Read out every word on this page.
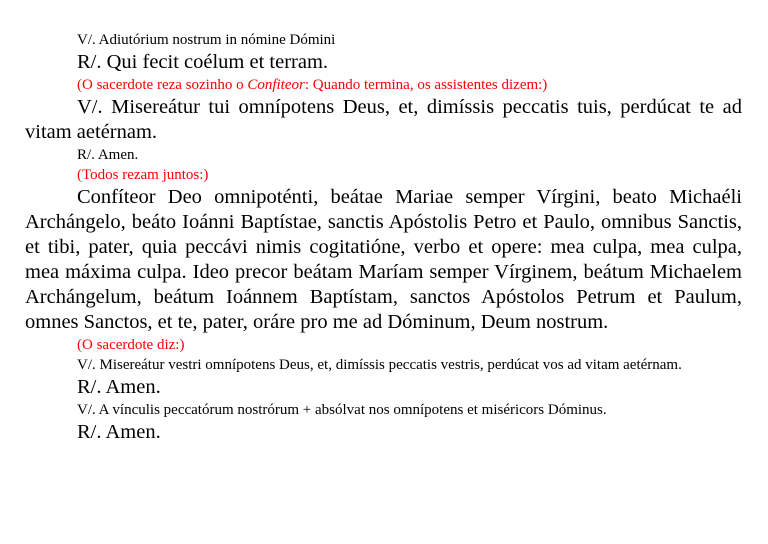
V/. Adiutórium nostrum in nómine Dómini

R/. Qui fecit coélum et terram.

(O sacerdote reza sozinho o Confiteor: Quando termina, os assistentes dizem:)

V/. Misereátur tui omnípotens Deus, et, dimíssis peccatis tuis, perdúcat te ad vitam aetérnam.

R/. Amen.

(Todos rezam juntos:)

Confíteor Deo omnipoténti, beátae Mariae semper Vírgini, beato Michaéli Archángelo, beáto Ioánni Baptístae, sanctis Apóstolis Petro et Paulo, omnibus Sanctis, et tibi, pater, quia peccávi nimis cogitatióne, verbo et opere: mea culpa, mea culpa, mea máxima culpa. Ideo precor beátam Maríam semper Vírginem, beátum Michaelem Archángelum, beátum Ioánnem Baptístam, sanctos Apóstolos Petrum et Paulum, omnes Sanctos, et te, pater, oráre pro me ad Dóminum, Deum nostrum.

(O sacerdote diz:)

V/. Misereátur vestri omnípotens Deus, et, dimíssis peccatis vestris, perdúcat vos ad vitam aetérnam.

R/. Amen.

V/. A vínculis peccatórum nostrórum + absólvat nos omnípotens et miséricors Dóminus.

R/. Amen.
